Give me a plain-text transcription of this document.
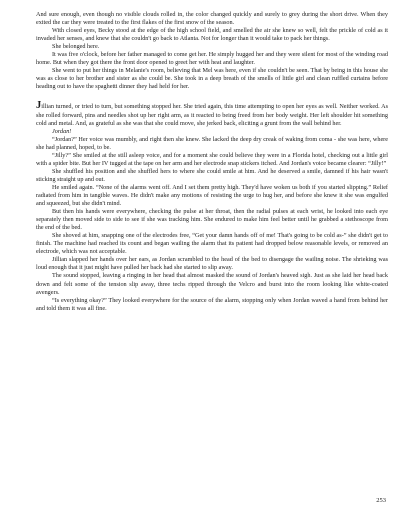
And sure enough, even though no visible clouds rolled in, the color changed quickly and surely to grey during the short drive. When they exited the car they were treated to the first flakes of the first snow of the season.

With closed eyes, Becky stood at the edge of the high school field, and smelled the air she knew so well, felt the prickle of cold as it invaded her senses, and knew that she couldn't go back to Atlanta. Not for longer than it would take to pack her things.

She belonged here.

It was five o'clock, before her father managed to come get her. He simply hugged her and they were silent for most of the winding road home. But when they got there the front door opened to greet her with heat and laughter.

She went to put her things in Melanie's room, believing that Mel was here, even if she couldn't be seen. That by being in this house she was as close to her brother and sister as she could be. She took in a deep breath of the smells of little girl and clean ruffled curtains before heading out to have the spaghetti dinner they had held for her.

Jillian turned, or tried to turn, but something stopped her. She tried again, this time attempting to open her eyes as well. Neither worked. As she rolled forward, pins and needles shot up her right arm, as it reacted to being freed from her body weight. Her left shoulder hit something cold and metal. And, as grateful as she was that she could move, she jerked back, eliciting a grunt from the wall behind her.

Jordan!

“Jordan?” Her voice was mumbly, and right then she knew. She lacked the deep dry creak of waking from coma - she was here, where she had planned, hoped, to be.

“Jilly?” She smiled at the still asleep voice, and for a moment she could believe they were in a Florida hotel, checking out a little girl with a spider bite. But her IV tugged at the tape on her arm and her electrode snap stickers itched. And Jordan's voice became clearer: “Jilly!”

She shuffled his position and she shuffled hers to where she could smile at him. And he deserved a smile, damned if his hair wasn't sticking straight up and out.

He smiled again. “None of the alarms went off. And I set them pretty high. They'd have woken us both if you started slipping.” Relief radiated from him in tangible waves. He didn't make any motions of resisting the urge to hug her, and before she knew it she was engulfed and squeezed, but she didn't mind.

But then his hands were everywhere, checking the pulse at her throat, then the radial pulses at each wrist, he looked into each eye separately then moved side to side to see if she was tracking him. She endured to make him feel better until he grabbed a stethoscope from the end of the bed.

She shoved at him, snapping one of the electrodes free, “Get your damn hands off of me! That's going to be cold as-” she didn't get to finish. The machine had reached its count and began wailing the alarm that its patient had dropped below reasonable levels, or removed an electrode, which was not acceptable.

Jillian slapped her hands over her ears, as Jordan scrambled to the head of the bed to disengage the wailing noise. The shrieking was loud enough that it just might have pulled her back had she started to slip away.

The sound stopped, leaving a ringing in her head that almost masked the sound of Jordan's heaved sigh. Just as she laid her head back down and felt some of the tension slip away, three techs ripped through the Velcro and burst into the room looking like white-coated avengers.

“Is everything okay?” They looked everywhere for the source of the alarm, stopping only when Jordan waved a hand from behind her and told them it was all fine.

253
